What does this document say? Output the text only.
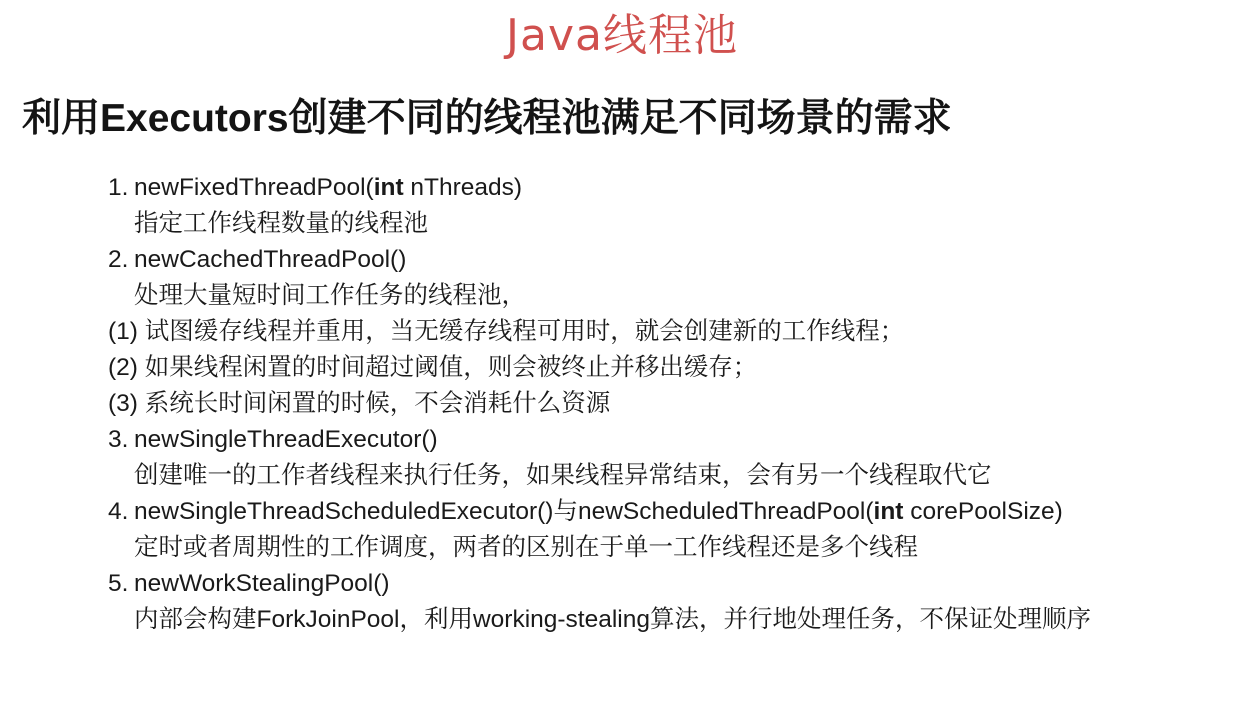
Java线程池
利用Executors创建不同的线程池满足不同场景的需求
1. newFixedThreadPool(int nThreads)
指定工作线程数量的线程池
2. newCachedThreadPool()
处理大量短时间工作任务的线程池，
(1) 试图缓存线程并重用，当无缓存线程可用时，就会创建新的工作线程；
(2) 如果线程闲置的时间超过阈值，则会被终止并移出缓存；
(3) 系统长时间闲置的时候，不会消耗什么资源
3. newSingleThreadExecutor()
创建唯一的工作者线程来执行任务，如果线程异常结束，会有另一个线程取代它
4. newSingleThreadScheduledExecutor()与newScheduledThreadPool(int corePoolSize)
定时或者周期性的工作调度，两者的区别在于单一工作线程还是多个线程
5. newWorkStealingPool()
内部会构建ForkJoinPool，利用working-stealing算法，并行地处理任务，不保证处理顺序
